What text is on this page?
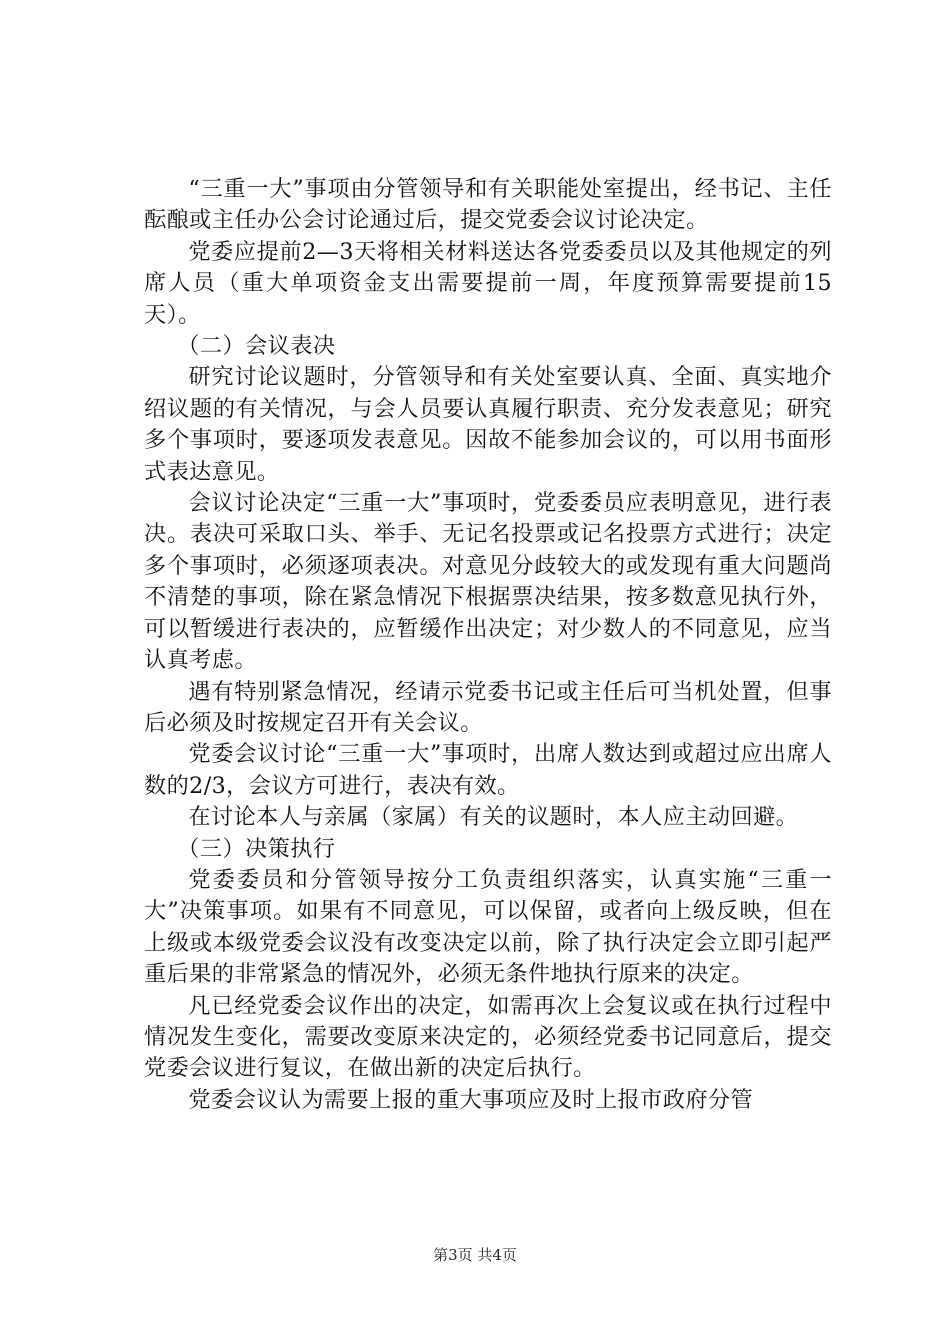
“三重一大”事项由分管领导和有关职能处室提出，经书记、主任酝酿或主任办公会讨论通过后，提交党委会议讨论决定。

党委应提前2—3天将相关材料送达各党委委员以及其他规定的列席人员（重大单项资金支出需要提前一周，年度预算需要提前15天）。

（二）会议表决

研究讨论议题时，分管领导和有关处室要认真、全面、真实地介绍议题的有关情况，与会人员要认真履行职责、充分发表意见；研究多个事项时，要逐项发表意见。因故不能参加会议的，可以用书面形式表达意见。

会议讨论决定“三重一大”事项时，党委委员应表明意见，进行表决。表决可采取口头、举手、无记名投票或记名投票方式进行；决定多个事项时，必须逐项表决。对意见分歧较大的或发现有重大问题尚不清楚的事项，除在紧急情况下根据票决结果，按多数意见执行外，可以暂缓进行表决的，应暂缓作出决定；对少数人的不同意见，应当认真考虑。

遇有特别紧急情况，经请示党委书记或主任后可当机处置，但事后必须及时按规定召开有关会议。

党委会议讨论“三重一大”事项时，出席人数达到或超过应出席人数的2/3，会议方可进行，表决有效。

在讨论本人与亲属（家属）有关的议题时，本人应主动回避。

（三）决策执行

党委委员和分管领导按分工负责组织落实，认真实施“三重一大”决策事项。如果有不同意见，可以保留，或者向上级反映，但在上级或本级党委会议没有改变决定以前，除了执行决定会立即引起严重后果的非常紧急的情况外，必须无条件地执行原来的决定。

凡已经党委会议作出的决定，如需再次上会复议或在执行过程中情况发生变化，需要改变原来决定的，必须经党委书记同意后，提交党委会议进行复议，在做出新的决定后执行。

党委会议认为需要上报的重大事项应及时上报市政府分管

第3页 共4页
